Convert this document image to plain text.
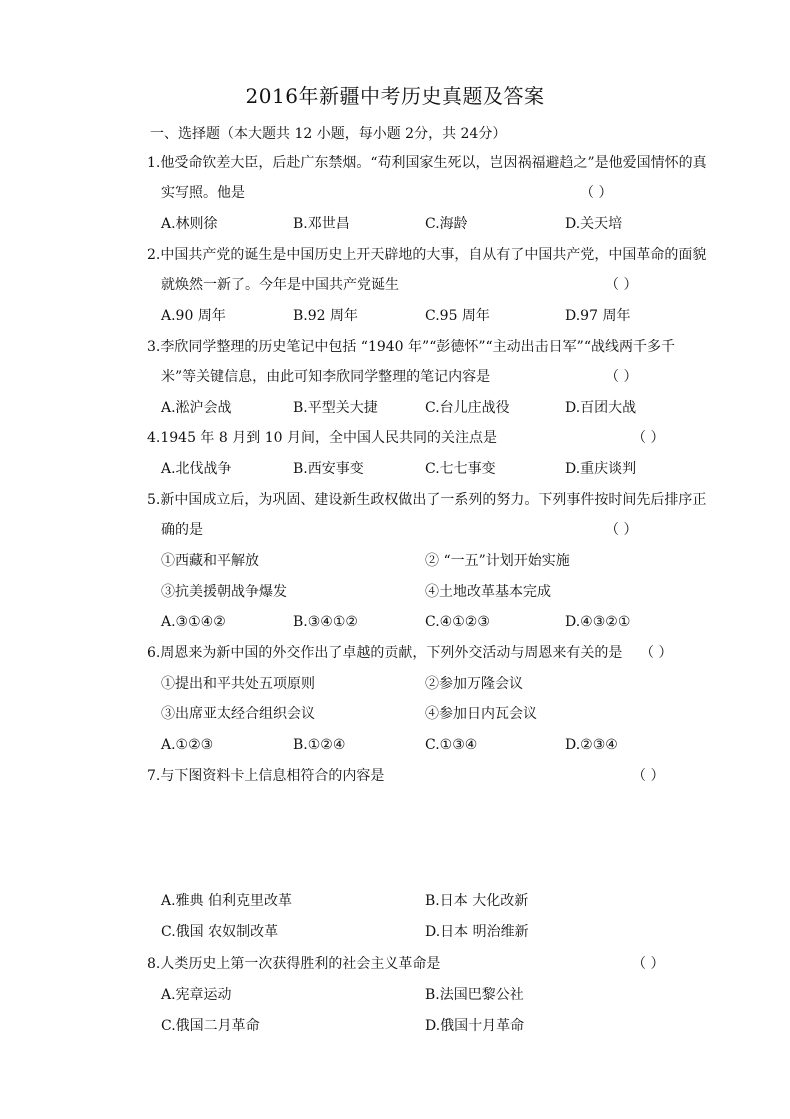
2016年新疆中考历史真题及答案
一、选择题（本大题共 12 小题，每小题 2分，共 24分）
1.他受命钦差大臣，后赴广东禁烟。“苟利国家生死以，岂因祸福避趋之”是他爱国情怀的真
实写照。他是	（ ）
A.林则徐	B.邓世昌	C.海龄	D.关天培
2.中国共产党的诞生是中国历史上开天辟地的大事，自从有了中国共产党，中国革命的面貌
就焕然一新了。今年是中国共产党诞生	（ ）
A.90 周年	B.92 周年	C.95 周年	D.97 周年
3.李欣同学整理的历史笔记中包括 “1940 年”“彭德怀”“主动出击日军”“战线两千多千
米”等关键信息，由此可知李欣同学整理的笔记内容是	（ ）
A.淞沪会战	B.平型关大捷	C.台儿庄战役	D.百团大战
4.1945 年 8 月到 10 月间，全中国人民共同的关注点是	（ ）
A.北伐战争	B.西安事变	C.七七事变	D.重庆谈判
5.新中国成立后，为巩固、建设新生政权做出了一系列的努力。下列事件按时间先后排序正
确的是	（ ）
①西藏和平解放	② “一五”计划开始实施
③抗美援朝战争爆发	④土地改革基本完成
A.③①④②	B.③④①②	C.④①②③	D.④③②①
6.周恩来为新中国的外交作出了卓越的贡献，下列外交活动与周恩来有关的是 （ ）
①提出和平共处五项原则	②参加万隆会议
③出席亚太经合组织会议	④参加日内瓦会议
A.①②③	B.①②④	C.①③④	D.②③④
7.与下图资料卡上信息相符合的内容是	（ ）
A.雅典 伯利克里改革	B.日本 大化改新
C.俄国 农奴制改革	D.日本 明治维新
8.人类历史上第一次获得胜利的社会主义革命是	（ ）
A.宪章运动	B.法国巴黎公社
C.俄国二月革命	D.俄国十月革命
